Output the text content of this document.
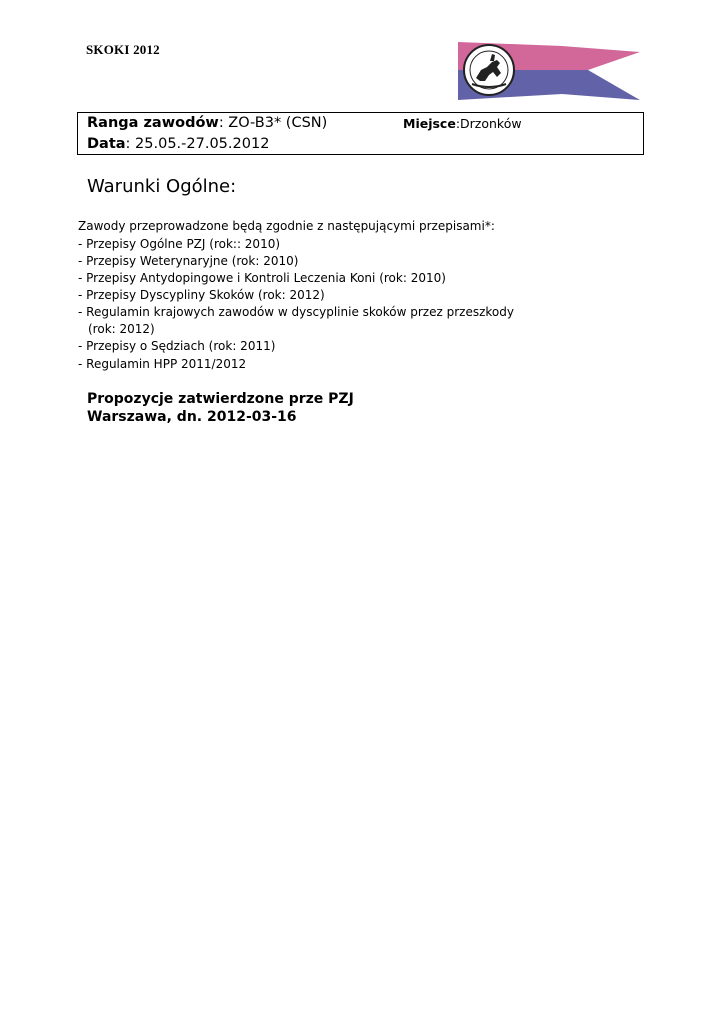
SKOKI 2012
Ranga zawodów: ZO-B3* (CSN)	Miejsce:Drzonków
Data: 25.05.-27.05.2012
Warunki Ogólne:
Zawody przeprowadzone będą zgodnie z następującymi przepisami*:
- Przepisy Ogólne PZJ (rok:: 2010)
- Przepisy Weterynaryjne (rok: 2010)
- Przepisy Antydopingowe i Kontroli Leczenia Koni (rok: 2010)
- Przepisy Dyscypliny Skoków (rok: 2012)
- Regulamin krajowych zawodów w dyscyplinie skoków przez przeszkody
(rok: 2012)
- Przepisy o Sędziach (rok: 2011)
- Regulamin HPP 2011/2012
Propozycje zatwierdzone prze PZJ
Warszawa, dn. 2012-03-16
